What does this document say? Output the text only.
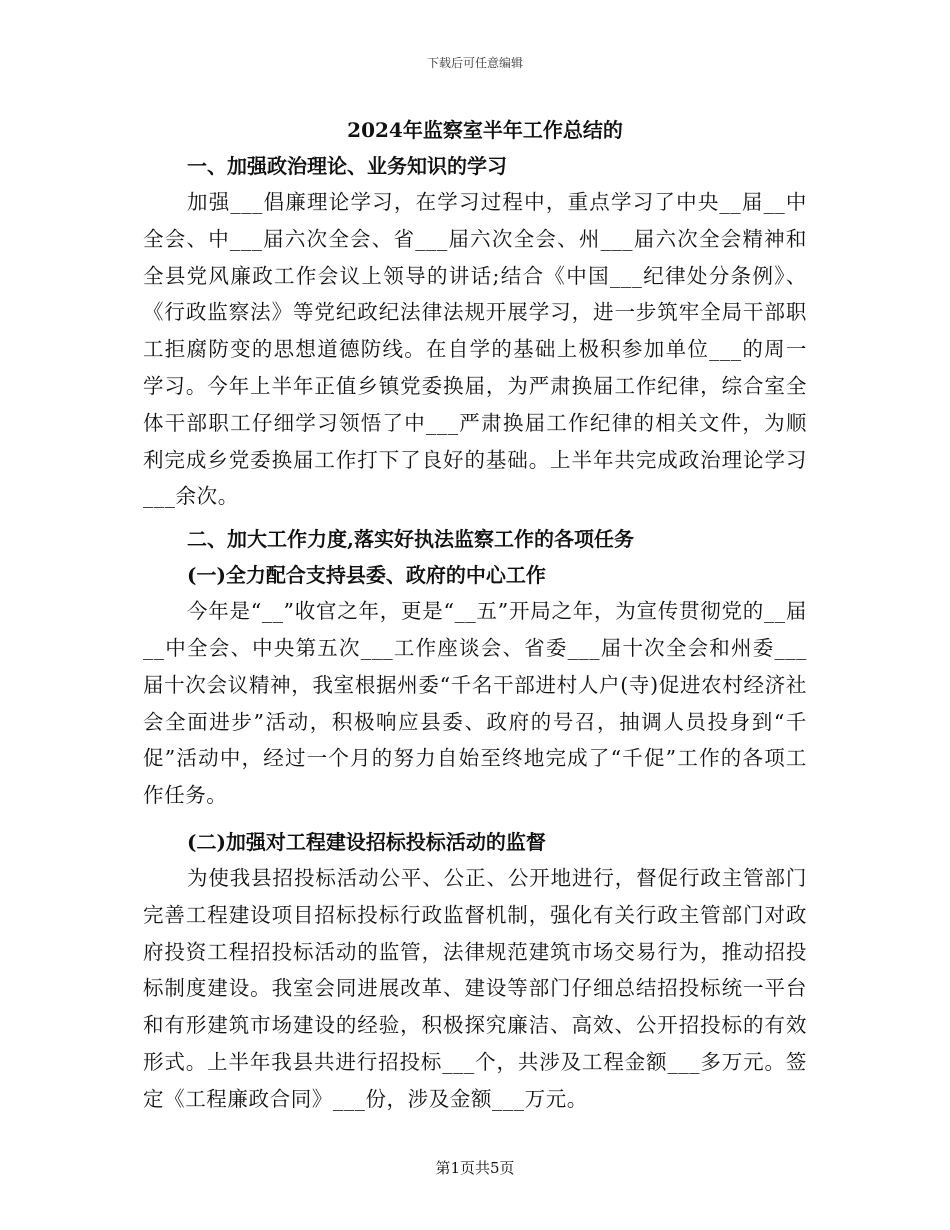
下载后可任意编辑
2024年监察室半年工作总结的
一、加强政治理论、业务知识的学习
加强___倡廉理论学习，在学习过程中，重点学习了中央__届__中全会、中___届六次全会、省___届六次全会、州___届六次全会精神和全县党风廉政工作会议上领导的讲话;结合《中国___纪律处分条例》、《行政监察法》等党纪政纪法律法规开展学习，进一步筑牢全局干部职工拒腐防变的思想道德防线。在自学的基础上极积参加单位___的周一学习。今年上半年正值乡镇党委换届，为严肃换届工作纪律，综合室全体干部职工仔细学习领悟了中___严肃换届工作纪律的相关文件，为顺利完成乡党委换届工作打下了良好的基础。上半年共完成政治理论学习___余次。
二、加大工作力度,落实好执法监察工作的各项任务
(一)全力配合支持县委、政府的中心工作
今年是“__”收官之年，更是“__五”开局之年，为宣传贯彻党的__届__中全会、中央第五次___工作座谈会、省委___届十次全会和州委___届十次会议精神，我室根据州委“千名干部进村人户(寺)促进农村经济社会全面进步”活动，积极响应县委、政府的号召，抽调人员投身到“千促”活动中，经过一个月的努力自始至终地完成了“千促”工作的各项工作任务。
(二)加强对工程建设招标投标活动的监督
为使我县招投标活动公平、公正、公开地进行，督促行政主管部门完善工程建设项目招标投标行政监督机制，强化有关行政主管部门对政府投资工程招投标活动的监管，法律规范建筑市场交易行为，推动招投标制度建设。我室会同进展改革、建设等部门仔细总结招投标统一平台和有形建筑市场建设的经验，积极探究廉洁、高效、公开招投标的有效形式。上半年我县共进行招投标___个，共涉及工程金额___多万元。签定《工程廉政合同》___份，涉及金额___万元。
第1页共5页
